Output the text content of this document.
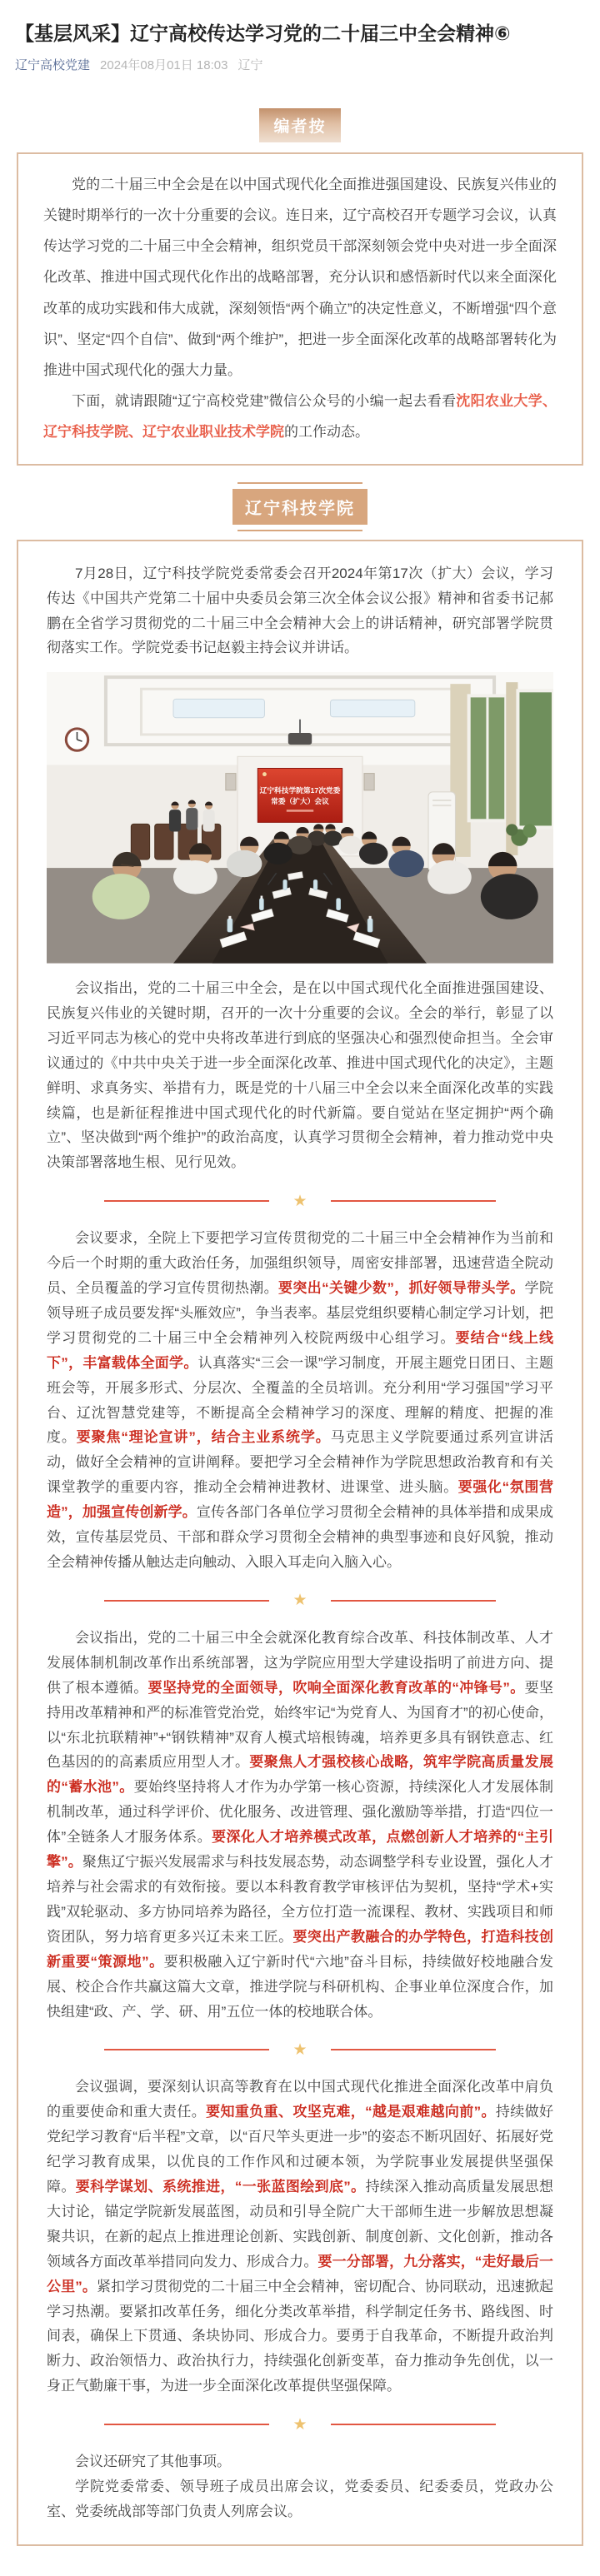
【基层风采】辽宁高校传达学习党的二十届三中全会精神⑥
辽宁高校党建 2024年08月01日 18:03 辽宁
编者按

党的二十届三中全会是在以中国式现代化全面推进强国建设、民族复兴伟业的关键时期举行的一次十分重要的会议。连日来，辽宁高校召开专题学习会议，认真传达学习党的二十届三中全会精神，组织党员干部深刻领会党中央对进一步全面深化改革、推进中国式现代化作出的战略部署，充分认识和感悟新时代以来全面深化改革的成功实践和伟大成就，深刻领悟“两个确立”的决定性意义，不断增强“四个意识”、坚定“四个自信”、做到“两个维护”，把进一步全面深化改革的战略部署转化为推进中国式现代化的强大力量。

下面，就请跟随“辽宁高校党建”微信公众号的小编一起去看看沈阳农业大学、辽宁科技学院、辽宁农业职业技术学院的工作动态。

辽宁科技学院

7月28日，辽宁科技学院党委常委会召开2024年第17次（扩大）会议，学习传达《中国共产党第二十届中央委员会第三次全体会议公报》精神和省委书记郝鹏在全省学习贯彻党的二十届三中全会精神大会上的讲话精神，研究部署学院贯彻落实工作。学院党委书记赵毅主持会议并讲话。

辽宁科技学院第17次党委
常委（扩大）会议

会议指出，党的二十届三中全会，是在以中国式现代化全面推进强国建设、民族复兴伟业的关键时期，召开的一次十分重要的会议。全会的举行，彰显了以习近平同志为核心的党中央将改革进行到底的坚强决心和强烈使命担当。全会审议通过的《中共中央关于进一步全面深化改革、推进中国式现代化的决定》，主题鲜明、求真务实、举措有力，既是党的十八届三中全会以来全面深化改革的实践续篇，也是新征程推进中国式现代化的时代新篇。要自觉站在坚定拥护“两个确立”、坚决做到“两个维护”的政治高度，认真学习贯彻全会精神，着力推动党中央决策部署落地生根、见行见效。

★

会议要求，全院上下要把学习宣传贯彻党的二十届三中全会精神作为当前和今后一个时期的重大政治任务，加强组织领导，周密安排部署，迅速营造全院动员、全员覆盖的学习宣传贯彻热潮。要突出“关键少数”，抓好领导带头学。学院领导班子成员要发挥“头雁效应”，争当表率。基层党组织要精心制定学习计划，把学习贯彻党的二十届三中全会精神列入校院两级中心组学习。要结合“线上线下”，丰富载体全面学。认真落实“三会一课”学习制度，开展主题党日团日、主题班会等，开展多形式、分层次、全覆盖的全员培训。充分利用“学习强国”学习平台、辽沈智慧党建等，不断提高全会精神学习的深度、理解的精度、把握的准度。要聚焦“理论宣讲”，结合主业系统学。马克思主义学院要通过系列宣讲活动，做好全会精神的宣讲阐释。要把学习全会精神作为学院思想政治教育和有关课堂教学的重要内容，推动全会精神进教材、进课堂、进头脑。要强化“氛围营造”，加强宣传创新学。宣传各部门各单位学习贯彻全会精神的具体举措和成果成效，宣传基层党员、干部和群众学习贯彻全会精神的典型事迹和良好风貌，推动全会精神传播从触达走向触动、入眼入耳走向入脑入心。

★

会议指出，党的二十届三中全会就深化教育综合改革、科技体制改革、人才发展体制机制改革作出系统部署，这为学院应用型大学建设指明了前进方向、提供了根本遵循。要坚持党的全面领导，吹响全面深化教育改革的“冲锋号”。要坚持用改革精神和严的标准管党治党，始终牢记“为党育人、为国育才”的初心使命，以“东北抗联精神”+“钢铁精神”双育人模式培根铸魂，培养更多具有钢铁意志、红色基因的的高素质应用型人才。要聚焦人才强校核心战略，筑牢学院高质量发展的“蓄水池”。要始终坚持将人才作为办学第一核心资源，持续深化人才发展体制机制改革，通过科学评价、优化服务、改进管理、强化激励等举措，打造“四位一体”全链条人才服务体系。要深化人才培养模式改革，点燃创新人才培养的“主引擎”。聚焦辽宁振兴发展需求与科技发展态势，动态调整学科专业设置，强化人才培养与社会需求的有效衔接。要以本科教育教学审核评估为契机，坚持“学术+实践”双轮驱动、多方协同培养为路径，全方位打造一流课程、教材、实践项目和师资团队，努力培育更多兴辽未来工匠。要突出产教融合的办学特色，打造科技创新重要“策源地”。要积极融入辽宁新时代“六地”奋斗目标，持续做好校地融合发展、校企合作共赢这篇大文章，推进学院与科研机构、企事业单位深度合作，加快组建“政、产、学、研、用”五位一体的校地联合体。

★

会议强调，要深刻认识高等教育在以中国式现代化推进全面深化改革中肩负的重要使命和重大责任。要知重负重、攻坚克难，“越是艰难越向前”。持续做好党纪学习教育“后半程”文章，以“百尺竿头更进一步”的姿态不断巩固好、拓展好党纪学习教育成果，以优良的工作作风和过硬本领，为学院事业发展提供坚强保障。要科学谋划、系统推进，“一张蓝图绘到底”。持续深入推动高质量发展思想大讨论，锚定学院新发展蓝图，动员和引导全院广大干部师生进一步解放思想凝聚共识，在新的起点上推进理论创新、实践创新、制度创新、文化创新，推动各领域各方面改革举措同向发力、形成合力。要一分部署，九分落实，“走好最后一公里”。紧扣学习贯彻党的二十届三中全会精神，密切配合、协同联动，迅速掀起学习热潮。要紧扣改革任务，细化分类改革举措，科学制定任务书、路线图、时间表，确保上下贯通、条块协同、形成合力。要勇于自我革命，不断提升政治判断力、政治领悟力、政治执行力，持续强化创新变革，奋力推动争先创优，以一身正气勤廉干事，为进一步全面深化改革提供坚强保障。

★

会议还研究了其他事项。

学院党委常委、领导班子成员出席会议，党委委员、纪委委员，党政办公室、党委统战部等部门负责人列席会议。
